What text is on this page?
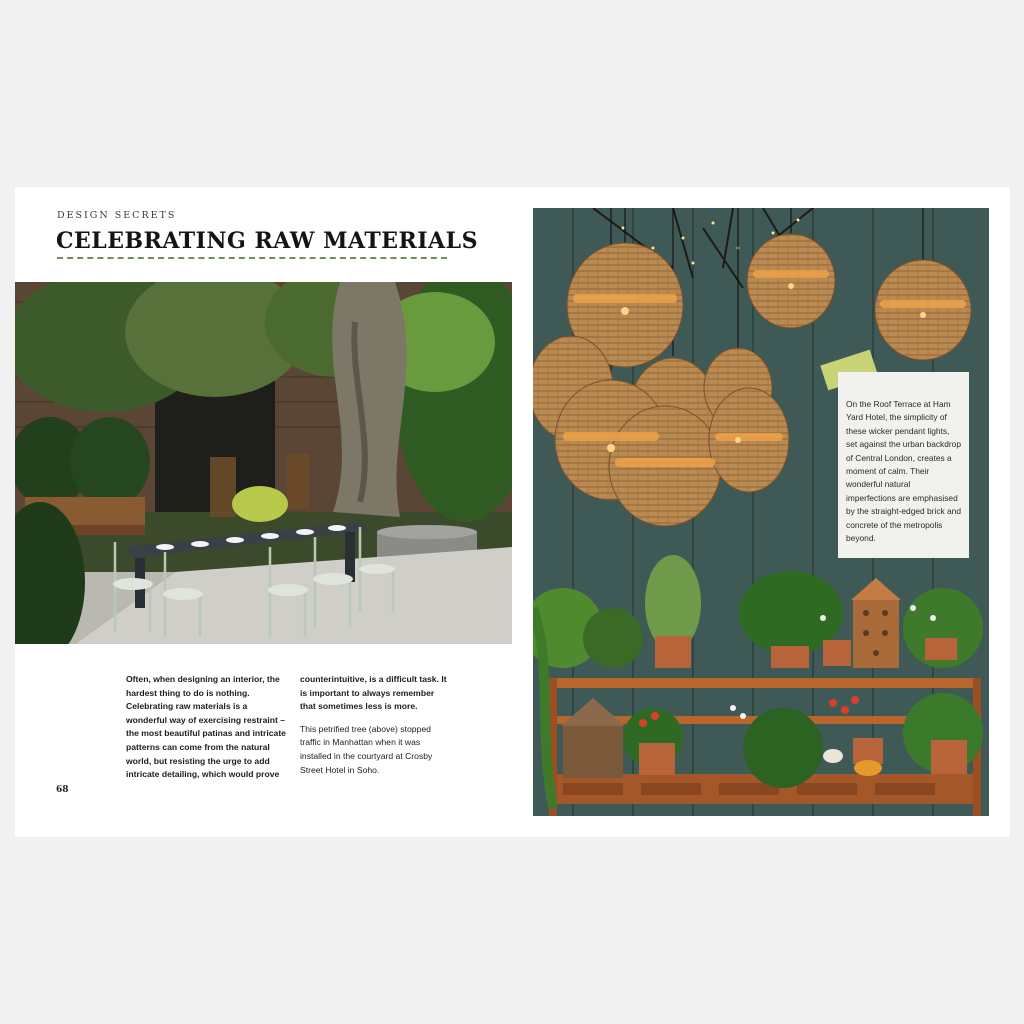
DESIGN SECRETS
CELEBRATING RAW MATERIALS

Often, when designing an interior, the hardest thing to do is nothing. Celebrating raw materials is a wonderful way of exercising restraint – the most beautiful patinas and intricate patterns can come from the natural world, but resisting the urge to add intricate detailing, which would prove

counterintuitive, is a difficult task. It is important to always remember that sometimes less is more.

This petrified tree (above) stopped traffic in Manhattan when it was installed in the courtyard at Crosby Street Hotel in Soho.

68
On the Roof Terrace at Ham Yard Hotel, the simplicity of these wicker pendant lights, set against the urban backdrop of Central London, creates a moment of calm. Their wonderful natural imperfections are emphasised by the straight-edged brick and concrete of the metropolis beyond.
